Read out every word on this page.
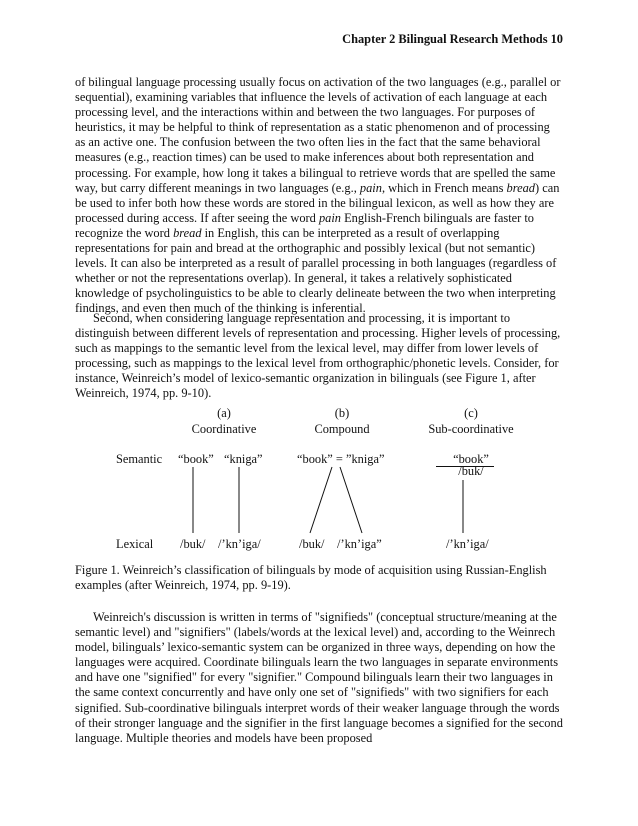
Chapter 2 Bilingual Research Methods 10

of bilingual language processing usually focus on activation of the two languages (e.g., parallel or sequential), examining variables that influence the levels of activation of each language at each processing level, and the interactions within and between the two languages. For purposes of heuristics, it may be helpful to think of representation as a static phenomenon and of processing as an active one. The confusion between the two often lies in the fact that the same behavioral measures (e.g., reaction times) can be used to make inferences about both representation and processing. For example, how long it takes a bilingual to retrieve words that are spelled the same way, but carry different meanings in two languages (e.g., pain, which in French means bread) can be used to infer both how these words are stored in the bilingual lexicon, as well as how they are processed during access. If after seeing the word pain English-French bilinguals are faster to recognize the word bread in English, this can be interpreted as a result of overlapping representations for pain and bread at the orthographic and possibly lexical (but not semantic) levels. It can also be interpreted as a result of parallel processing in both languages (regardless of whether or not the representations overlap). In general, it takes a relatively sophisticated knowledge of psycholinguistics to be able to clearly delineate between the two when interpreting findings, and even then much of the thinking is inferential.

Second, when considering language representation and processing, it is important to distinguish between different levels of representation and processing. Higher levels of processing, such as mappings to the semantic level from the lexical level, may differ from lower levels of processing, such as mappings to the lexical level from orthographic/phonetic levels. Consider, for instance, Weinreich’s model of lexico-semantic organization in bilinguals (see Figure 1, after Weinreich, 1974, pp. 9-10).

(a)
Coordinative
(b)
Compound
(c)
Sub-coordinative
Semantic “book” “kniga”	“book” = ”kniga”	“book”
/buk/
Lexical /buk/ /’kn’iga/	/buk/ /’kn’iga”	/’kn’iga/

Figure 1. Weinreich’s classification of bilinguals by mode of acquisition using Russian-English examples (after Weinreich, 1974, pp. 9-19).

Weinreich's discussion is written in terms of "signifieds" (conceptual structure/meaning at the semantic level) and "signifiers" (labels/words at the lexical level) and, according to the Weinrech model, bilinguals’ lexico-semantic system can be organized in three ways, depending on how the languages were acquired. Coordinate bilinguals learn the two languages in separate environments and have one "signified" for every "signifier." Compound bilinguals learn their two languages in the same context concurrently and have only one set of "signifieds" with two signifiers for each signified. Sub-coordinative bilinguals interpret words of their weaker language through the words of their stronger language and the signifier in the first language becomes a signified for the second language. Multiple theories and models have been proposed
